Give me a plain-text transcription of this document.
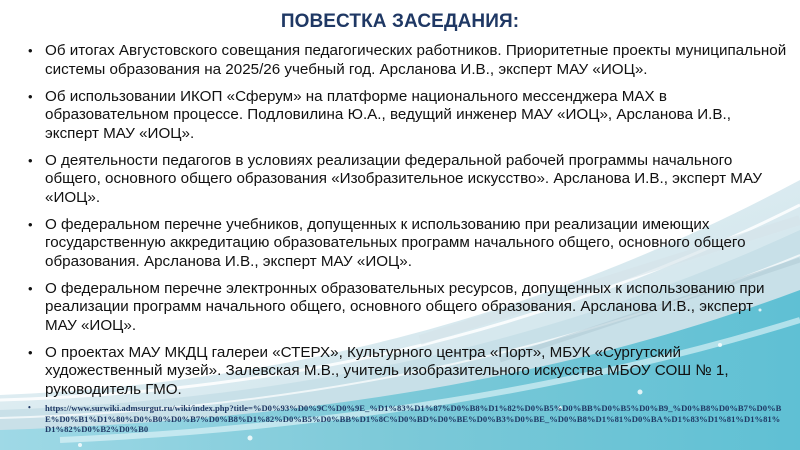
ПОВЕСТКА ЗАСЕДАНИЯ:
• Об итогах Августовского совещания педагогических работников. Приоритетные проекты муниципальной системы образования на 2025/26 учебный год. Арсланова И.В., эксперт МАУ «ИОЦ».
• Об использовании ИКОП «Сферум» на платформе национального мессенджера MAX в образовательном процессе. Подловилина Ю.А., ведущий инженер МАУ «ИОЦ», Арсланова И.В., эксперт МАУ «ИОЦ».
• О деятельности педагогов в условиях реализации федеральной рабочей программы начального общего, основного общего образования «Изобразительное искусство». Арсланова И.В., эксперт МАУ «ИОЦ».
• О федеральном перечне учебников, допущенных к использованию при реализации имеющих государственную аккредитацию образовательных программ начального общего, основного общего образования. Арсланова И.В., эксперт МАУ «ИОЦ».
• О федеральном перечне электронных образовательных ресурсов, допущенных к использованию при реализации программ начального общего, основного общего образования. Арсланова И.В., эксперт МАУ «ИОЦ».
• О проектах МАУ МКДЦ галереи «СТЕРХ», Культурного центра «Порт», МБУК «Сургутский художественный музей». Залевская М.В., учитель изобразительного искусства МБОУ СОШ № 1, руководитель ГМО.
• https://www.surwiki.admsurgut.ru/wiki/index.php?title=%D0%93%D0%9C%D0%9E_%D1%83%D1%87%D0%B8%D1%82%D0%B5%D0%BB%D0%B5%D0%B9_%D0%B8%D0%B7%D0%BE%D0%B1%D1%80%D0%B0%D0%B7%D0%B8%D1%82%D0%B5%D0%BB%D1%8C%D0%BD%D0%BE%D0%B3%D0%BE_%D0%B8%D1%81%D0%BA%D1%83%D1%81%D1%81%D1%82%D0%B2%D0%B0
